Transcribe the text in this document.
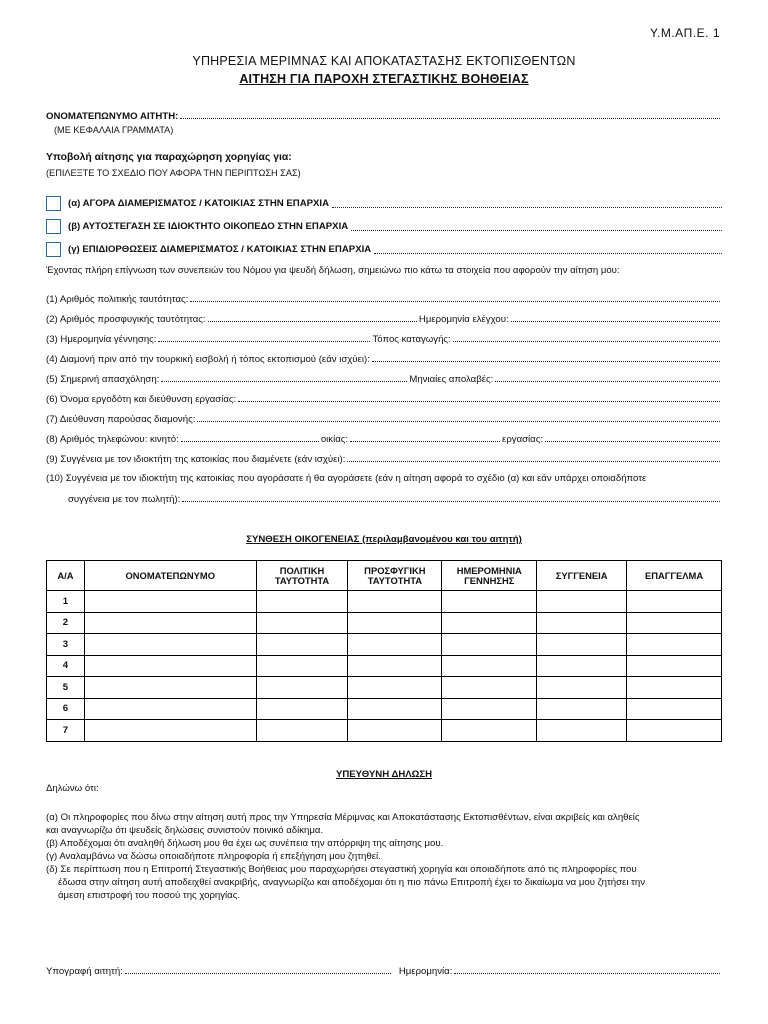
Υ.Μ.ΑΠ.Ε. 1
ΥΠΗΡΕΣΙΑ ΜΕΡΙΜΝΑΣ ΚΑΙ ΑΠΟΚΑΤΑΣΤΑΣΗΣ ΕΚΤΟΠΙΣΘΕΝΤΩΝ
ΑΙΤΗΣΗ ΓΙΑ ΠΑΡΟΧΗ ΣΤΕΓΑΣΤΙΚΗΣ ΒΟΗΘΕΙΑΣ
ΟΝΟΜΑΤΕΠΩΝΥΜΟ ΑΙΤΗΤΗ:
(ΜΕ ΚΕΦΑΛΑΙΑ ΓΡΑΜΜΑΤΑ)
Υποβολή αίτησης για παραχώρηση χορηγίας για:
(ΕΠΙΛΕΞΤΕ ΤΟ ΣΧΕΔΙΟ ΠΟΥ ΑΦΟΡΑ ΤΗΝ ΠΕΡΙΠΤΩΣΗ ΣΑΣ)
(α) ΑΓΟΡΑ ΔΙΑΜΕΡΙΣΜΑΤΟΣ / ΚΑΤΟΙΚΙΑΣ ΣΤΗΝ ΕΠΑΡΧΙΑ
(β) ΑΥΤΟΣΤΕΓΑΣΗ ΣΕ ΙΔΙΟΚΤΗΤΟ ΟΙΚΟΠΕΔΟ ΣΤΗΝ ΕΠΑΡΧΙΑ
(γ) ΕΠΙΔΙΟΡΘΩΣΕΙΣ ΔΙΑΜΕΡΙΣΜΑΤΟΣ / ΚΑΤΟΙΚΙΑΣ ΣΤΗΝ ΕΠΑΡΧΙΑ
Έχοντας πλήρη επίγνωση των συνεπειών του Νόμου για ψευδή δήλωση, σημειώνω πιο κάτω τα στοιχεία που αφορούν την αίτηση μου:
(1) Αριθμός πολιτικής ταυτότητας:
(2) Αριθμός προσφυγικής ταυτότητας:	Ημερομηνία ελέγχου:
(3) Ημερομηνία γέννησης:	Τόπος καταγωγής:
(4) Διαμονή πριν από την τουρκική εισβολή ή τόπος εκτοπισμού (εάν ισχύει):
(5) Σημερινή απασχόληση:	Μηνιαίες απολαβές:
(6) Όνομα εργοδότη και διεύθυνση εργασίας:
(7) Διεύθυνση παρούσας διαμονής:
(8) Αριθμός τηλεφώνου: κινητό:	οικίας:	εργασίας:
(9) Συγγένεια με τον ιδιοκτήτη της κατοικίας που διαμένετε (εάν ισχύει):
(10) Συγγένεια με τον ιδιοκτήτη της κατοικίας που αγοράσατε ή θα αγοράσετε (εάν η αίτηση αφορά το σχέδιο (α) και εάν υπάρχει οποιαδήποτε
συγγένεια με τον πωλητή):
ΣΥΝΘΕΣΗ ΟΙΚΟΓΕΝΕΙΑΣ (περιλαμβανομένου και του αιτητή)
Α/Α	ΟΝΟΜΑΤΕΠΩΝΥΜΟ	ΠΟΛΙΤΙΚΗ ΤΑΥΤΟΤΗΤΑ	ΠΡΟΣΦΥΓΙΚΗ ΤΑΥΤΟΤΗΤΑ	ΗΜΕΡΟΜΗΝΙΑ ΓΕΝΝΗΣΗΣ	ΣΥΓΓΕΝΕΙΑ	ΕΠΑΓΓΕΛΜΑ
1						
2						
3						
4						
5						
6						
7						
ΥΠΕΥΘΥΝΗ ΔΗΛΩΣΗ
Δηλώνω ότι:
(α) Οι πληροφορίες που δίνω στην αίτηση αυτή προς την Υπηρεσία Μέριμνας και Αποκατάστασης Εκτοπισθέντων, είναι ακριβείς και αληθείς
και αναγνωρίζω ότι ψευδείς δηλώσεις συνιστούν ποινικό αδίκημα.
(β) Αποδέχομαι ότι αναληθή δήλωση μου θα έχει ως συνέπεια την απόρριψη της αίτησης μου.
(γ) Αναλαμβάνω να δώσω οποιαδήποτε πληροφορία ή επεξήγηση μου ζητηθεί.
(δ) Σε περίπτωση που η Επιτροπή Στεγαστικής Βοήθειας μου παραχωρήσει στεγαστική χορηγία και οποιαδήποτε από τις πληροφορίες που
έδωσα στην αίτηση αυτή αποδειχθεί ανακριβής, αναγνωρίζω και αποδέχομαι ότι η πιο πάνω Επιτροπή έχει το δικαίωμα να μου ζητήσει την
άμεση επιστροφή του ποσού της χορηγίας.
Υπογραφή αιτητή:	Ημερομηνία:
